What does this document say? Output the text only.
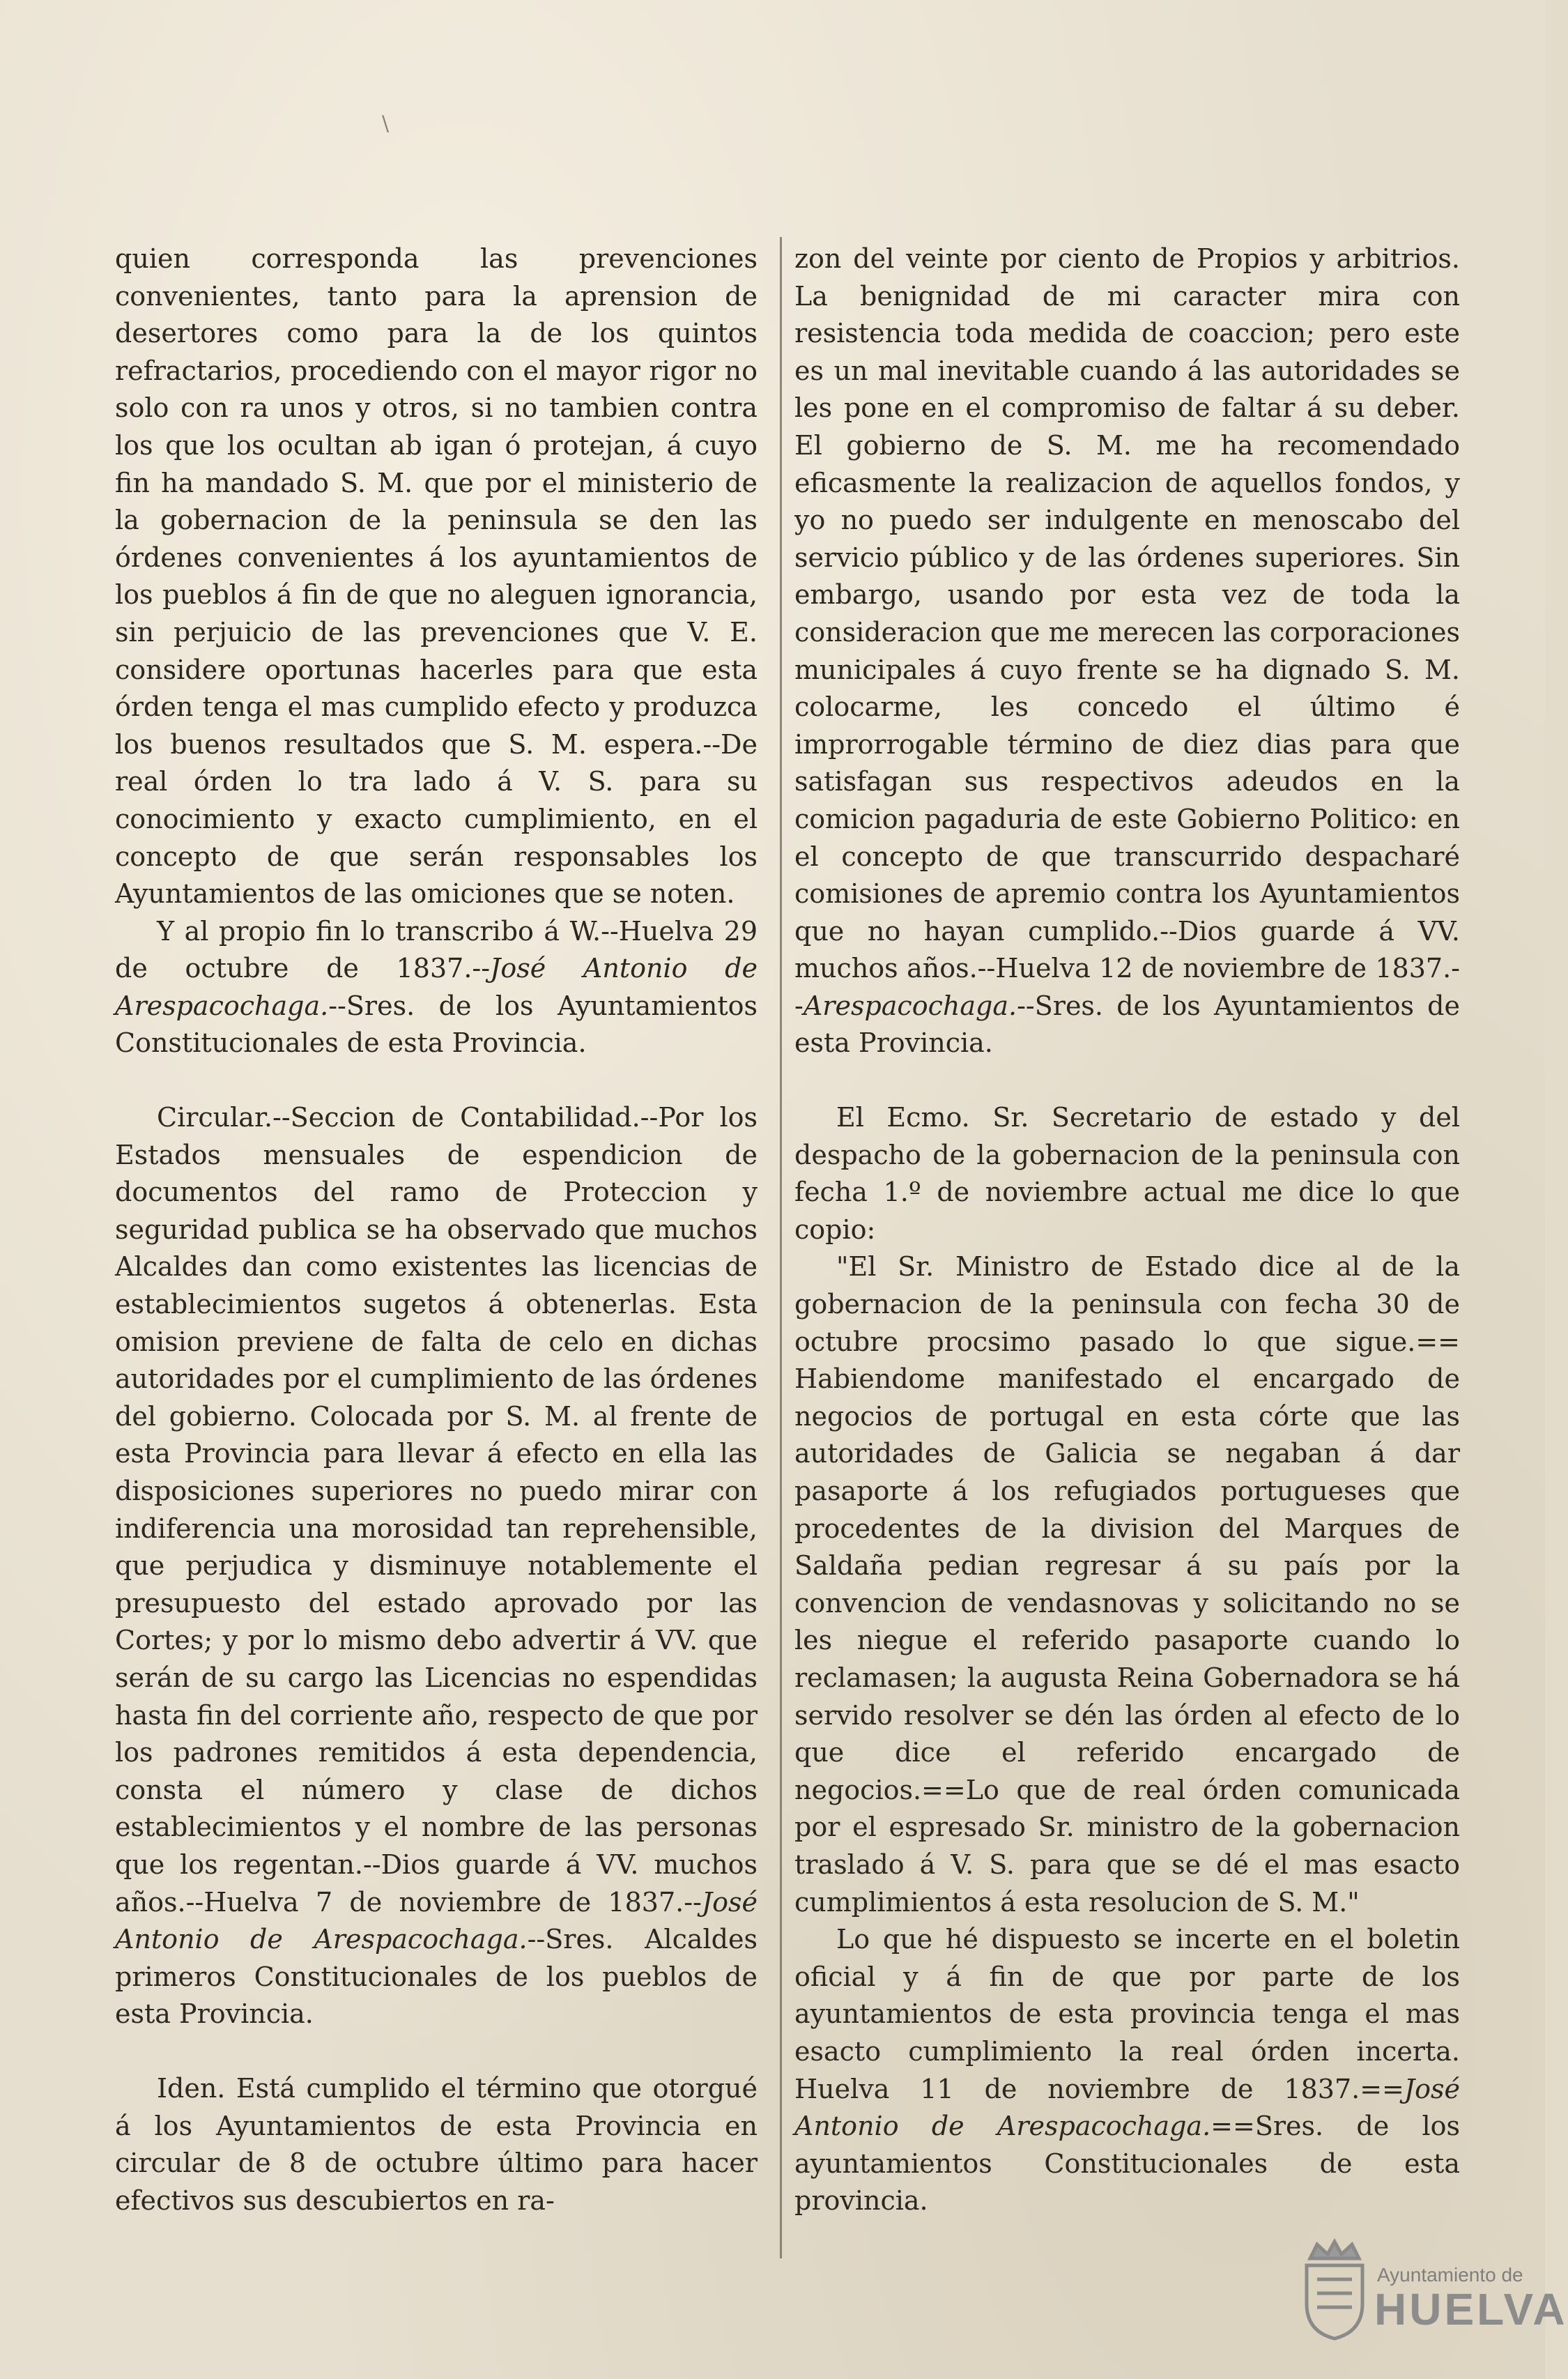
\

quien corresponda las prevenciones convenientes, tanto para la aprension de desertores como para la de los quintos refractarios, procediendo con el mayor rigor no solo con ra unos y otros, si no tambien contra los que los ocultan ab igan ó protejan, á cuyo fin ha mandado S. M. que por el ministerio de la gobernacion de la peninsula se den las órdenes convenientes á los ayuntamientos de los pueblos á fin de que no aleguen ignorancia, sin perjuicio de las prevenciones que V. E. considere oportunas hacerles para que esta órden tenga el mas cumplido efecto y produzca los buenos resultados que S. M. espera.--De real órden lo tra lado á V. S. para su conocimiento y exacto cumplimiento, en el concepto de que serán responsables los Ayuntamientos de las omiciones que se noten.

Y al propio fin lo transcribo á W.--Huelva 29 de octubre de 1837.--José Antonio de Arespacochaga.--Sres. de los Ayuntamientos Constitucionales de esta Provincia.

Circular.--Seccion de Contabilidad.--Por los Estados mensuales de espendicion de documentos del ramo de Proteccion y seguridad publica se ha observado que muchos Alcaldes dan como existentes las licencias de establecimientos sugetos á obtenerlas. Esta omision previene de falta de celo en dichas autoridades por el cumplimiento de las órdenes del gobierno. Colocada por S. M. al frente de esta Provincia para llevar á efecto en ella las disposiciones superiores no puedo mirar con indiferencia una morosidad tan reprehensible, que perjudica y disminuye notablemente el presupuesto del estado aprovado por las Cortes; y por lo mismo debo advertir á VV. que serán de su cargo las Licencias no espendidas hasta fin del corriente año, respecto de que por los padrones remitidos á esta dependencia, consta el número y clase de dichos establecimientos y el nombre de las personas que los regentan.--Dios guarde á VV. muchos años.--Huelva 7 de noviembre de 1837.--José Antonio de Arespacochaga.--Sres. Alcaldes primeros Constitucionales de los pueblos de esta Provincia.

Iden. Está cumplido el término que otorgué á los Ayuntamientos de esta Provincia en circular de 8 de octubre último para hacer efectivos sus descubiertos en ra-

zon del veinte por ciento de Propios y arbitrios. La benignidad de mi caracter mira con resistencia toda medida de coaccion; pero este es un mal inevitable cuando á las autoridades se les pone en el compromiso de faltar á su deber. El gobierno de S. M. me ha recomendado eficasmente la realizacion de aquellos fondos, y yo no puedo ser indulgente en menoscabo del servicio público y de las órdenes superiores. Sin embargo, usando por esta vez de toda la consideracion que me merecen las corporaciones municipales á cuyo frente se ha dignado S. M. colocarme, les concedo el último é improrrogable término de diez dias para que satisfagan sus respectivos adeudos en la comicion pagaduria de este Gobierno Politico: en el concepto de que transcurrido despacharé comisiones de apremio contra los Ayuntamientos que no hayan cumplido.--Dios guarde á VV. muchos años.--Huelva 12 de noviembre de 1837.--Arespacochaga.--Sres. de los Ayuntamientos de esta Provincia.

El Ecmo. Sr. Secretario de estado y del despacho de la gobernacion de la peninsula con fecha 1.º de noviembre actual me dice lo que copio:

"El Sr. Ministro de Estado dice al de la gobernacion de la peninsula con fecha 30 de octubre procsimo pasado lo que sigue.== Habiendome manifestado el encargado de negocios de portugal en esta córte que las autoridades de Galicia se negaban á dar pasaporte á los refugiados portugueses que procedentes de la division del Marques de Saldaña pedian regresar á su país por la convencion de vendasnovas y solicitando no se les niegue el referido pasaporte cuando lo reclamasen; la augusta Reina Gobernadora se há servido resolver se dén las órden al efecto de lo que dice el referido encargado de negocios.==Lo que de real órden comunicada por el espresado Sr. ministro de la gobernacion traslado á V. S. para que se dé el mas esacto cumplimientos á esta resolucion de S. M."

Lo que hé dispuesto se incerte en el boletin oficial y á fin de que por parte de los ayuntamientos de esta provincia tenga el mas esacto cumplimiento la real órden incerta. Huelva 11 de noviembre de 1837.==José Antonio de Arespacochaga.==Sres. de los ayuntamientos Constitucionales de esta provincia.

Ayuntamiento de
HUELVA
